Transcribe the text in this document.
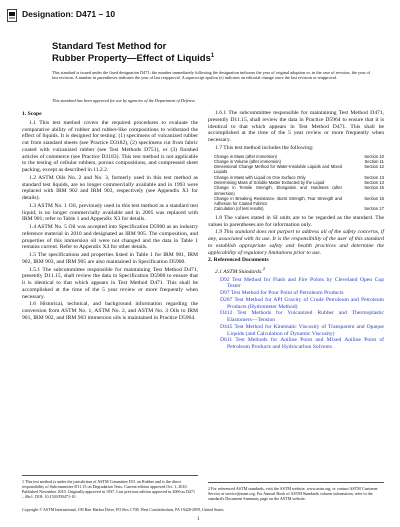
Designation: D471 – 10
Standard Test Method for
Rubber Property—Effect of Liquids$^1$
This standard is issued under the fixed designation D471; the number immediately following the designation indicates the year of original adoption or, in the case of revision, the year of last revision. A number in parentheses indicates the year of last reapproval. A superscript epsilon (ε) indicates an editorial change since the last revision or reapproval.
This standard has been approved for use by agencies of the Department of Defense.
1. Scope

1.1 This test method covers the required procedures to evaluate the comparative ability of rubber and rubber-like compositions to withstand the effect of liquids. It is designed for testing: (1) specimens of vulcanized rubber cut from standard sheets (see Practice D3182), (2) specimens cut from fabric coated with vulcanized rubber (see Test Methods D751), or (3) finished articles of commerce (see Practice D3183). This test method is not applicable to the testing of cellular rubbers, porous compositions, and compressed sheet packing, except as described in 11.2.2.

1.2 ASTM Oils No. 2 and No. 3, formerly used in this test method as standard test liquids, are no longer commercially available and in 1993 were replaced with IRM 902 and IRM 903, respectively (see Appendix X1 for details).

1.3 ASTM No. 1 Oil, previously used in this test method as a standard test liquid, is no longer commercially available and in 2005 was replaced with IRM 901; refer to Table 1 and Appendix X3 for details.

1.4 ASTM No. 5 Oil was accepted into Specification D5900 as an industry reference material in 2010 and designated as IRM 905. The composition, and properties of this immersion oil were not changed and the data in Table 1 remains current. Refer to Appendix X4 for other details.

1.5 The specifications and properties listed in Table 1 for IRM 901, IRM 902, IRM 903, and IRM 905 are also maintained in Specification D5900.

1.5.1 The subcommittee responsible for maintaining Test Method D471, presently D11.15, shall review the data in Specification D5900 to ensure that it is identical to that which appears in Test Method D471. This shall be accomplished at the time of the 5 year review or more frequently when necessary.

1.6 Historical, technical, and background information regarding the conversion from ASTM No. 1, ASTM No. 2, and ASTM No. 3 Oils to IRM 901, IRM 902, and IRM 903 immersion oils is maintained in Practice D5964.

1.6.1 The subcommittee responsible for maintaining Test Method D471, presently D11.15, shall review the data in Practice D5964 to ensure that it is identical to that which appears in Test Method D471. This shall be accomplished at the time of the 5 year review or more frequently when necessary.

1.7 This test method includes the following:

Change in Mass (after immersion)	Section 10
Change in Volume (after immersion)	Section 11
Dimensional Change Method for Water-Insoluble Liquids and Mixed Liquids
Section 12
Change in Mass with Liquid on One Surface Only	Section 13
Determining Mass of Soluble Matter Extracted by the Liquid	Section 14
Change in Tensile Strength, Elongation and Hardness (after immersion)
Section 15
Change in Breaking Resistance, Burst Strength, Tear Strength and Adhesion for Coated Fabrics
Section 16
Calculation (of test results)	Section 17

1.8 The values stated in SI units are to be regarded as the standard. The values in parentheses are for information only.

1.9 This standard does not purport to address all of the safety concerns, if any, associated with its use. It is the responsibility of the user of this standard to establish appropriate safety and health practices and determine the applicability of regulatory limitations prior to use.

2. Referenced Documents

2.1 ASTM Standards:$^2$

D92 Test Method for Flash and Fire Points by Cleveland Open Cup Tester
D97 Test Method for Pour Point of Petroleum Products
D287 Test Method for API Gravity of Crude Petroleum and Petroleum Products (Hydrometer Method)
D412 Test Methods for Vulcanized Rubber and Thermoplastic Elastomers—Tension
D445 Test Method for Kinematic Viscosity of Transparent and Opaque Liquids (and Calculation of Dynamic Viscosity)
D611 Test Methods for Aniline Point and Mixed Aniline Point of Petroleum Products and Hydrocarbon Solvents
1 This test method is under the jurisdiction of ASTM Committee D11 on Rubber and is the direct responsibility of Subcommittee D11.15 on Degradation Tests. Current edition approved Oct. 1, 2010. Published November 2010. Originally approved in 1937. Last previous edition approved in 2006 as D471 – 06ε1. DOI: 10.1520/D0471-10.
2 For referenced ASTM standards, visit the ASTM website, www.astm.org, or contact ASTM Customer Service at service@astm.org. For Annual Book of ASTM Standards volume information, refer to the standard's Document Summary page on the ASTM website.
Copyright © ASTM International, 100 Barr Harbor Drive, PO Box C700, West Conshohocken, PA 19428-2959, United States.
1
